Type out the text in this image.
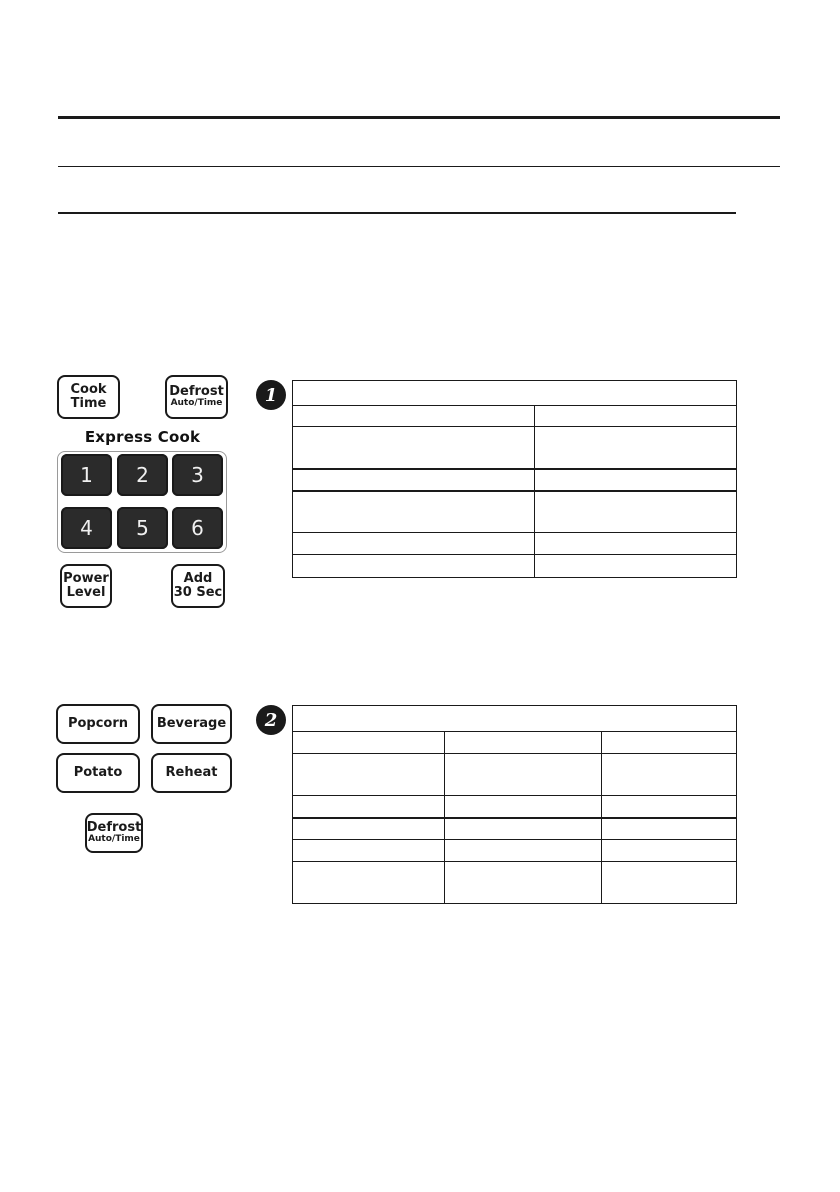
Cook
Time
Defrost
Auto/Time
Express Cook
1	2	3
4	5	6
Power
Level
Add
30 Sec
1

Popcorn Beverage
Potato	Reheat
Defrost
Auto/Time
2
